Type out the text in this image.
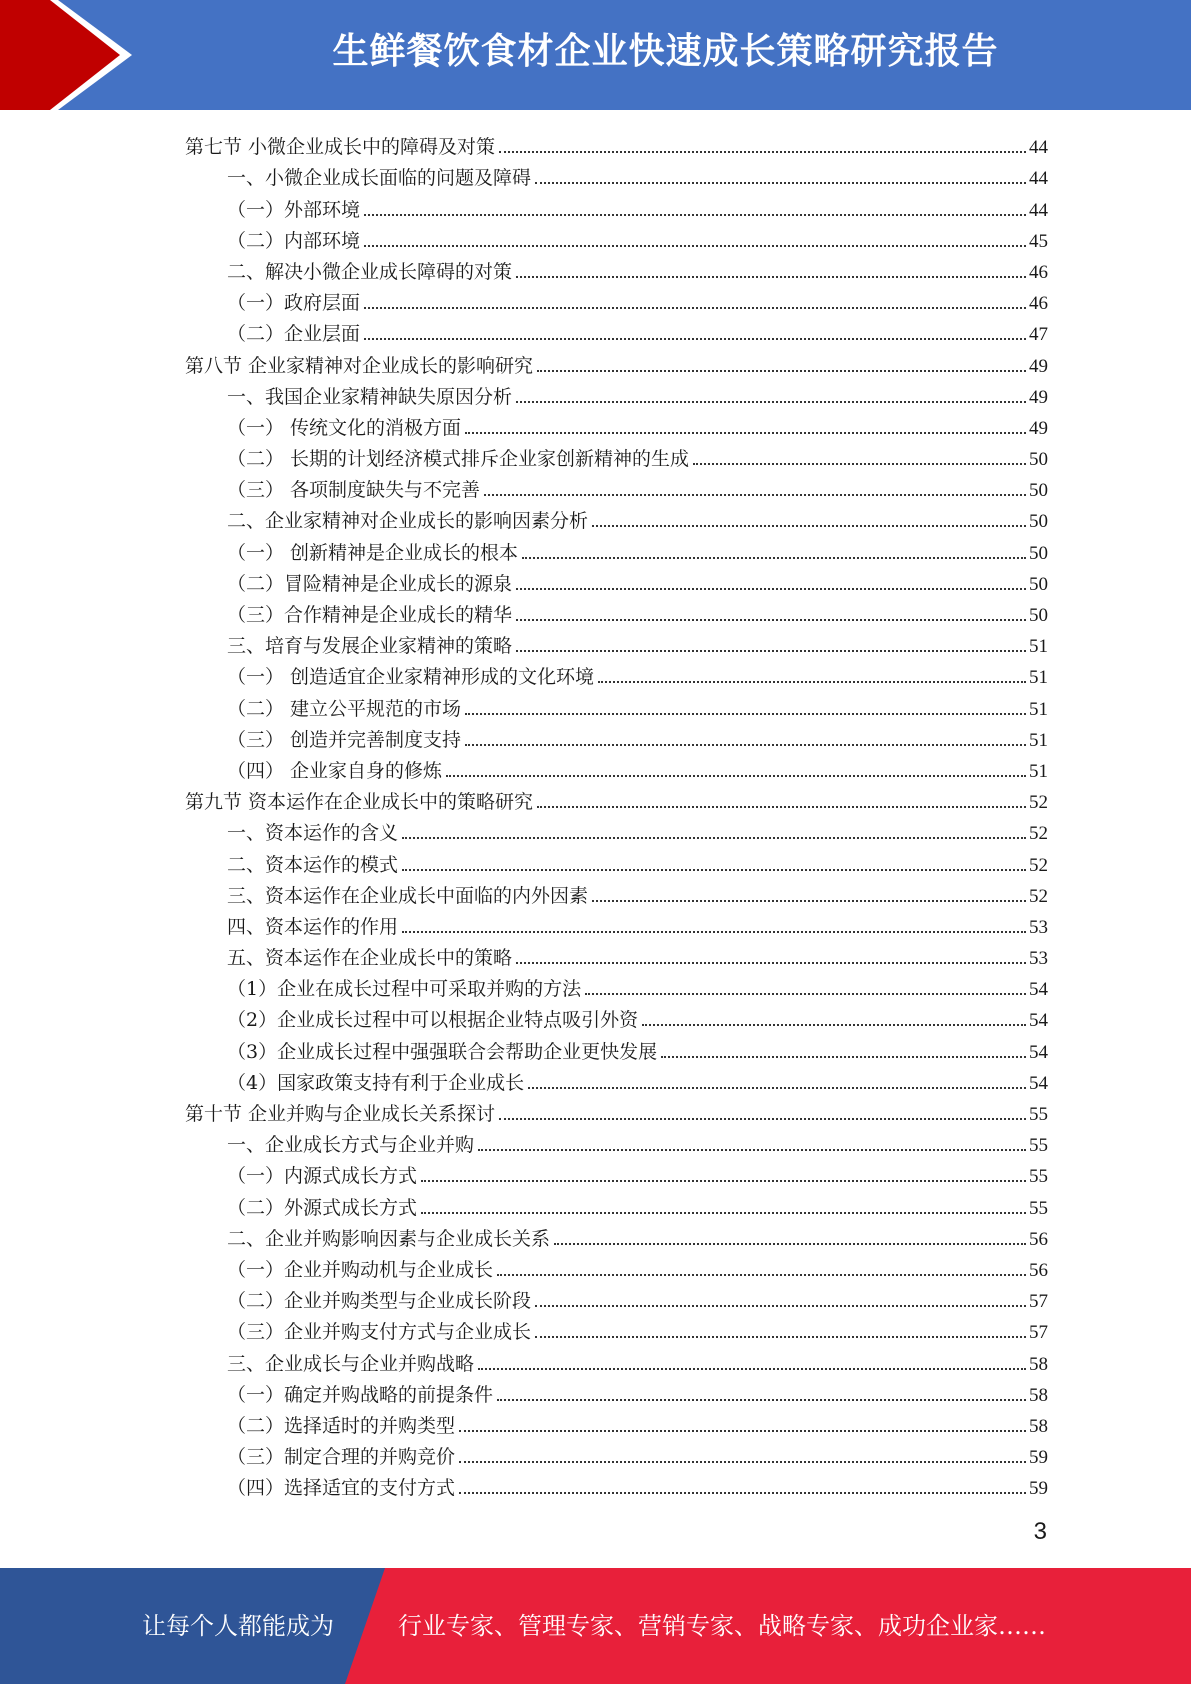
生鲜餐饮食材企业快速成长策略研究报告
第七节 小微企业成长中的障碍及对策	44
一、小微企业成长面临的问题及障碍	44
（一）外部环境	44
（二）内部环境	45
二、解决小微企业成长障碍的对策	46
（一）政府层面	46
（二）企业层面	47
第八节 企业家精神对企业成长的影响研究	49
一、我国企业家精神缺失原因分析	49
（一） 传统文化的消极方面	49
（二） 长期的计划经济模式排斥企业家创新精神的生成	50
（三） 各项制度缺失与不完善	50
二、企业家精神对企业成长的影响因素分析	50
（一） 创新精神是企业成长的根本	50
（二）冒险精神是企业成长的源泉	50
（三）合作精神是企业成长的精华	50
三、培育与发展企业家精神的策略	51
（一） 创造适宜企业家精神形成的文化环境	51
（二） 建立公平规范的市场	51
（三） 创造并完善制度支持	51
（四） 企业家自身的修炼	51
第九节 资本运作在企业成长中的策略研究	52
一、资本运作的含义	52
二、资本运作的模式	52
三、资本运作在企业成长中面临的内外因素	52
四、资本运作的作用	53
五、资本运作在企业成长中的策略	53
（1）企业在成长过程中可采取并购的方法	54
（2）企业成长过程中可以根据企业特点吸引外资	54
（3）企业成长过程中强强联合会帮助企业更快发展	54
（4）国家政策支持有利于企业成长	54
第十节 企业并购与企业成长关系探讨	55
一、企业成长方式与企业并购	55
（一）内源式成长方式	55
（二）外源式成长方式	55
二、企业并购影响因素与企业成长关系	56
（一）企业并购动机与企业成长	56
（二）企业并购类型与企业成长阶段	57
（三）企业并购支付方式与企业成长	57
三、企业成长与企业并购战略	58
（一）确定并购战略的前提条件	58
（二）选择适时的并购类型	58
（三）制定合理的并购竞价	59
（四）选择适宜的支付方式	59
3
让每个人都能成为	行业专家、管理专家、营销专家、战略专家、成功企业家……
